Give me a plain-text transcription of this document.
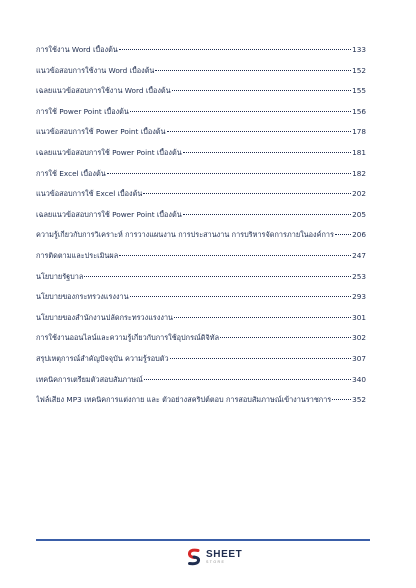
การใช้งาน Word เบื้องต้น	133
แนวข้อสอบการใช้งาน Word เบื้องต้น	152
เฉลยแนวข้อสอบการใช้งาน Word เบื้องต้น	155
การใช้ Power Point เบื้องต้น	156
แนวข้อสอบการใช้ Power Point เบื้องต้น	178
เฉลยแนวข้อสอบการใช้ Power Point เบื้องต้น	181
การใช้ Excel เบื้องต้น	182
แนวข้อสอบการใช้ Excel เบื้องต้น	202
เฉลยแนวข้อสอบการใช้ Power Point เบื้องต้น	205
ความรู้เกี่ยวกับการวิเคราะห์ การวางแผนงาน การประสานงาน การบริหารจัดการภายในองค์การ 206
การติดตามและประเมินผล	247
นโยบายรัฐบาล	253
นโยบายของกระทรวงแรงงาน	293
นโยบายของสำนักงานปลัดกระทรวงแรงงาน	301
การใช้งานออนไลน์และความรู้เกี่ยวกับการใช้อุปกรณ์ดิจิทัล	302
สรุปเหตุการณ์สำคัญปัจจุบัน ความรู้รอบตัว	307
เทคนิคการเตรียมตัวสอบสัมภาษณ์	340
ไฟล์เสียง MP3 เทคนิคการแต่งกาย และ ตัวอย่างสคริปต์ตอบ การสอบสัมภาษณ์เข้างานราชการ	352
SHEET
STORE
